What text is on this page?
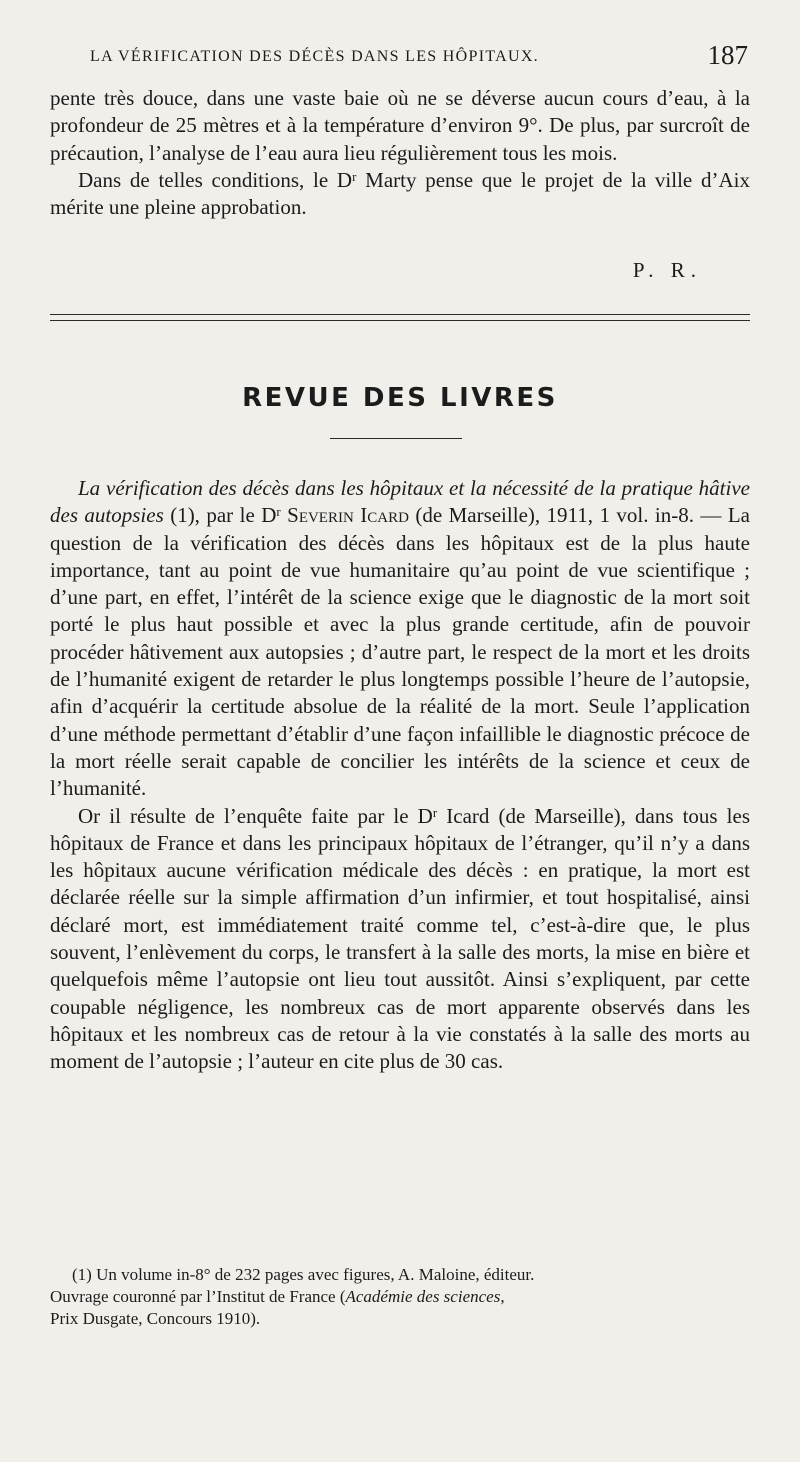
LA VÉRIFICATION DES DÉCÈS DANS LES HÔPITAUX.	187

pente très douce, dans une vaste baie où ne se déverse aucun cours d’eau, à la profondeur de 25 mètres et à la température d’environ 9°. De plus, par surcroît de précaution, l’analyse de l’eau aura lieu régulièrement tous les mois.

Dans de telles conditions, le $D^r$ Marty pense que le projet de la ville d’Aix mérite une pleine approbation.

P. R.
REVUE DES LIVRES

La vérification des décès dans les hôpitaux et la nécessité de la pratique hâtive des autopsies (1), par le $D^r$ Severin Icard (de Marseille), 1911, 1 vol. in-8. — La question de la vérification des décès dans les hôpitaux est de la plus haute importance, tant au point de vue humanitaire qu’au point de vue scientifique ; d’une part, en effet, l’intérêt de la science exige que le diagnostic de la mort soit porté le plus haut possible et avec la plus grande certitude, afin de pouvoir procéder hâtivement aux autopsies ; d’autre part, le respect de la mort et les droits de l’humanité exigent de retarder le plus longtemps possible l’heure de l’autopsie, afin d’acquérir la certitude absolue de la réalité de la mort. Seule l’application d’une méthode permettant d’établir d’une façon infaillible le diagnostic précoce de la mort réelle serait capable de concilier les intérêts de la science et ceux de l’humanité.

Or il résulte de l’enquête faite par le $D^r$ Icard (de Marseille), dans tous les hôpitaux de France et dans les principaux hôpitaux de l’étranger, qu’il n’y a dans les hôpitaux aucune vérification médicale des décès : en pratique, la mort est déclarée réelle sur la simple affirmation d’un infirmier, et tout hospitalisé, ainsi déclaré mort, est immédiatement traité comme tel, c’est-à-dire que, le plus souvent, l’enlèvement du corps, le transfert à la salle des morts, la mise en bière et quelquefois même l’autopsie ont lieu tout aussitôt. Ainsi s’expliquent, par cette coupable négligence, les nombreux cas de mort apparente observés dans les hôpitaux et les nombreux cas de retour à la vie constatés à la salle des morts au moment de l’autopsie ; l’auteur en cite plus de 30 cas.

(1) Un volume in-8° de 232 pages avec figures, A. Maloine, éditeur.

Ouvrage couronné par l’Institut de France (Académie des sciences,

Prix Dusgate, Concours 1910).
